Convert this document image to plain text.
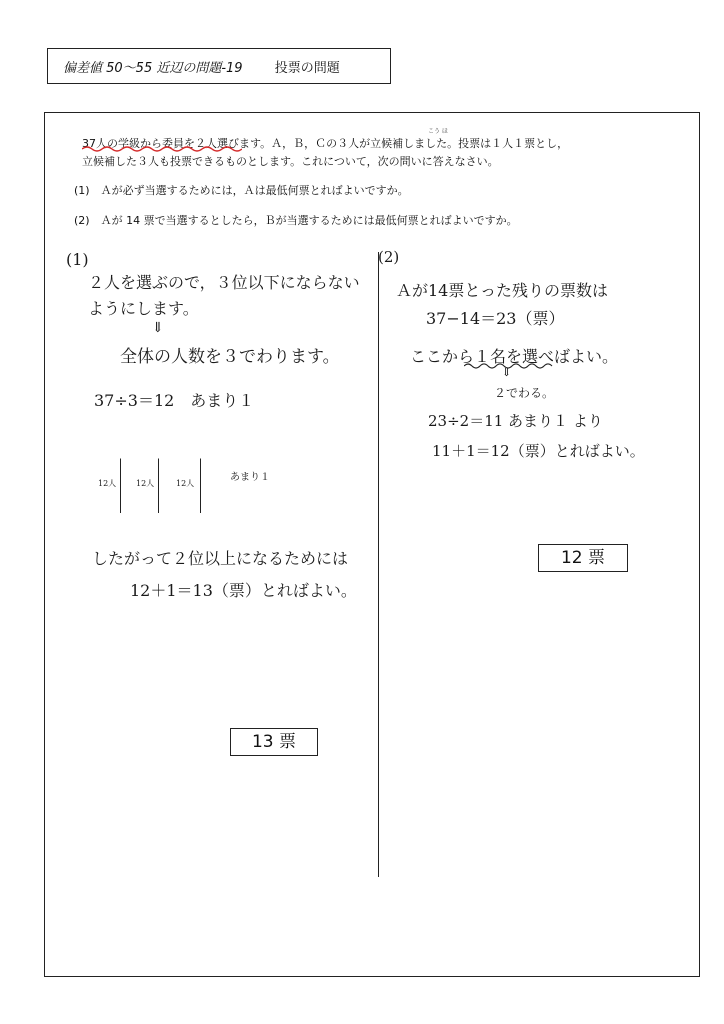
偏差値 50〜55 近辺の問題-19 投票の問題
こう ほ
37人の学級から委員を２人選びます。Ａ，Ｂ，Ｃの３人が立候補しました。投票は１人１票とし，
立候補した３人も投票できるものとします。これについて，次の問いに答えなさい。
(1)　Ａが必ず当選するためには，Ａは最低何票とればよいですか。
(2)　Ａが 14 票で当選するとしたら，Ｂが当選するためには最低何票とればよいですか。
(1)
２人を選ぶので，３位以下にならない
ようにします。
⇓
全体の人数を３でわります。
37÷3＝12　あまり１
12人 12人	12人
あまり１
したがって２位以上になるためには
12＋1＝13（票）とればよい。
13 票
(2)
Ａが14票とった残りの票数は
37−14＝23（票）
ここから１名を選べばよい。
⇓
２でわる。
23÷2＝11 あまり１ より
11＋1＝12（票）とればよい。
12 票
